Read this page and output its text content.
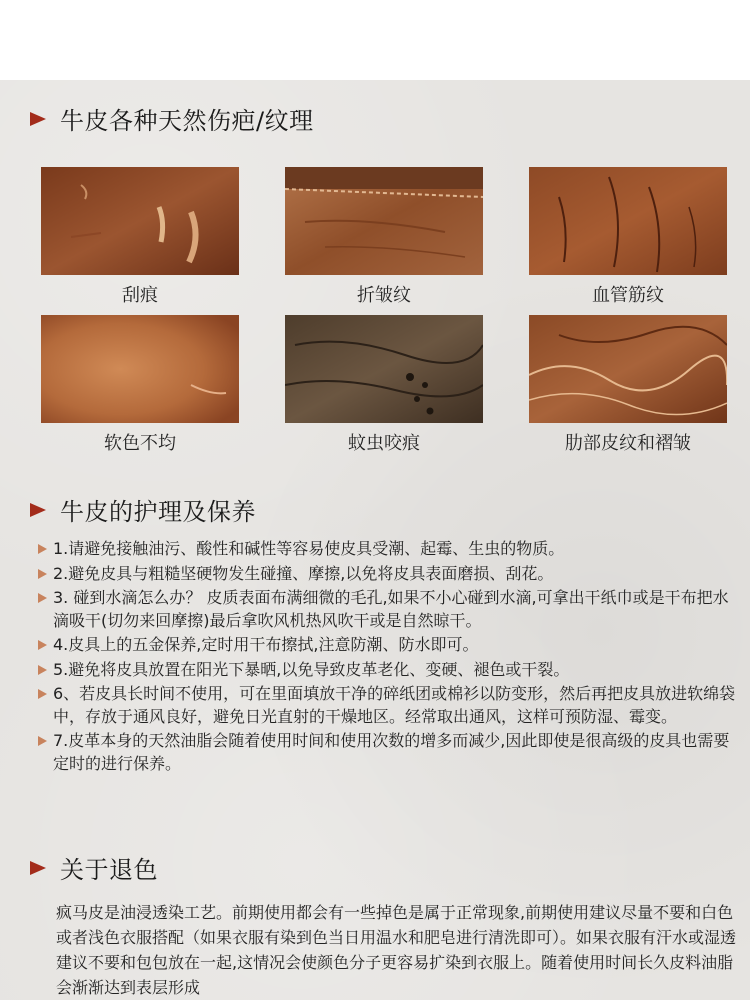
牛皮各种天然伤疤/纹理
刮痕	折皱纹	血管筋纹
软色不均	蚊虫咬痕	肋部皮纹和褶皱
牛皮的护理及保养
1.请避免接触油污、酸性和碱性等容易使皮具受潮、起霉、生虫的物质。
2.避免皮具与粗糙坚硬物发生碰撞、摩擦,以免将皮具表面磨损、刮花。
3. 碰到水滴怎么办？ 皮质表面布满细微的毛孔,如果不小心碰到水滴,可拿出干纸巾或是干布把水滴吸干(切勿来回摩擦)最后拿吹风机热风吹干或是自然晾干。
4.皮具上的五金保养,定时用干布擦拭,注意防潮、防水即可。
5.避免将皮具放置在阳光下暴晒,以免导致皮革老化、变硬、褪色或干裂。
6、若皮具长时间不使用，可在里面填放干净的碎纸团或棉衫以防变形，然后再把皮具放进软绵袋中，存放于通风良好，避免日光直射的干燥地区。经常取出通风，这样可预防湿、霉变。
7.皮革本身的天然油脂会随着使用时间和使用次数的增多而减少,因此即使是很高级的皮具也需要定时的进行保养。
关于退色
疯马皮是油浸透染工艺。前期使用都会有一些掉色是属于正常现象,前期使用建议尽量不要和白色或者浅色衣服搭配（如果衣服有染到色当日用温水和肥皂进行清洗即可）。如果衣服有汗水或湿透建议不要和包包放在一起,这情况会使颜色分子更容易扩染到衣服上。随着使用时间长久皮料油脂会渐渐达到表层形成
